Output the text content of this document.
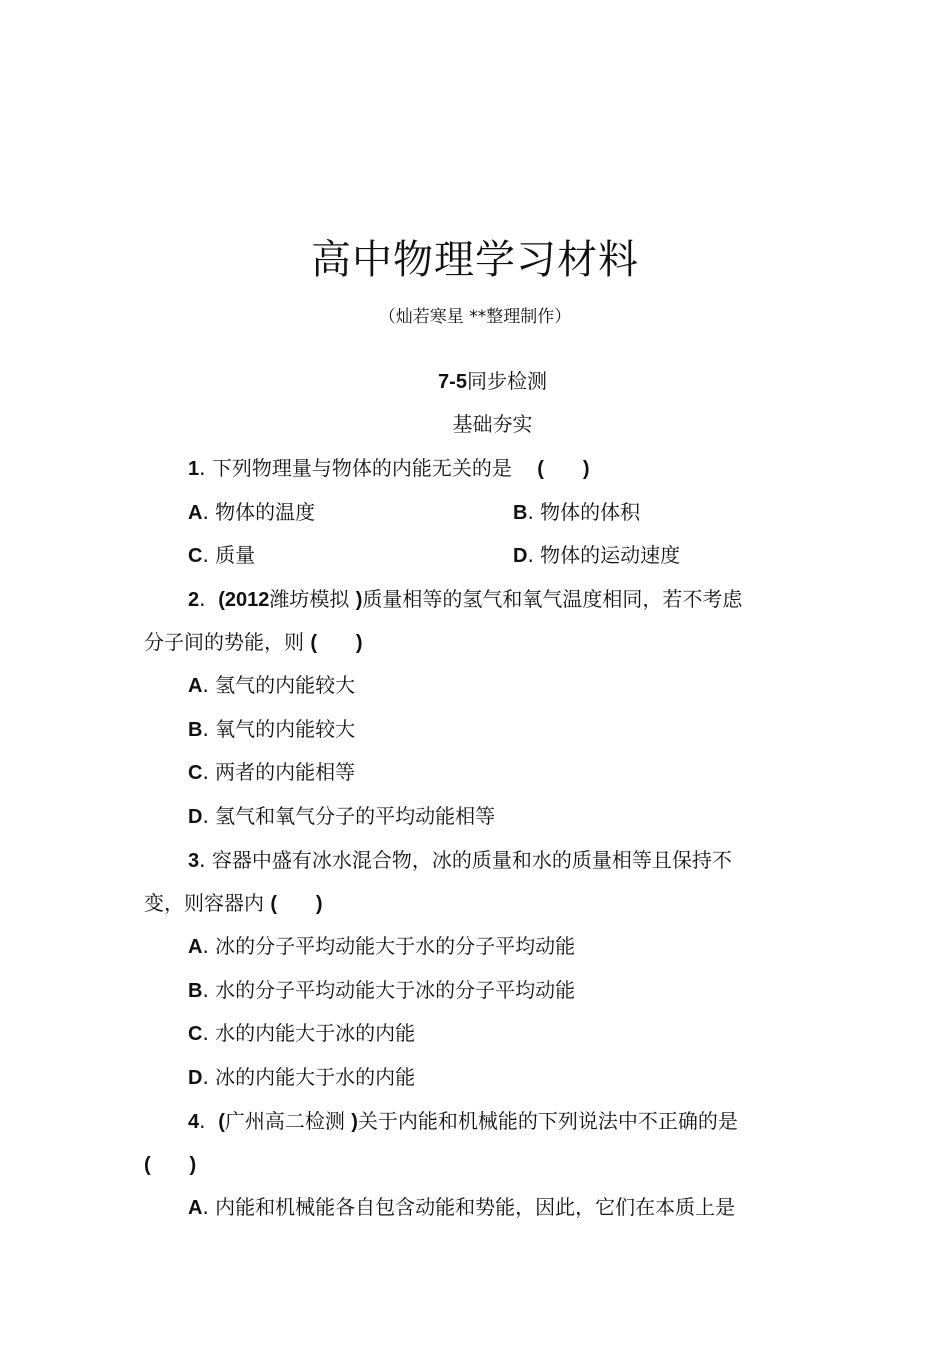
高中物理学习材料
（灿若寒星 **整理制作）
7-5同步检测
基础夯实
1. 下列物理量与物体的内能无关的是 (       )
A. 物体的温度	B. 物体的体积
C. 质量	D. 物体的运动速度
2.  (2012潍坊模拟 )质量相等的氢气和氧气温度相同，若不考虑
分子间的势能，则 (       )
A. 氢气的内能较大
B. 氧气的内能较大
C. 两者的内能相等
D. 氢气和氧气分子的平均动能相等
3. 容器中盛有冰水混合物，冰的质量和水的质量相等且保持不
变，则容器内 (       )
A. 冰的分子平均动能大于水的分子平均动能
B. 水的分子平均动能大于冰的分子平均动能
C. 水的内能大于冰的内能
D. 冰的内能大于水的内能
4.  (广州高二检测 )关于内能和机械能的下列说法中不正确的是
(       )
A. 内能和机械能各自包含动能和势能，因此，它们在本质上是
